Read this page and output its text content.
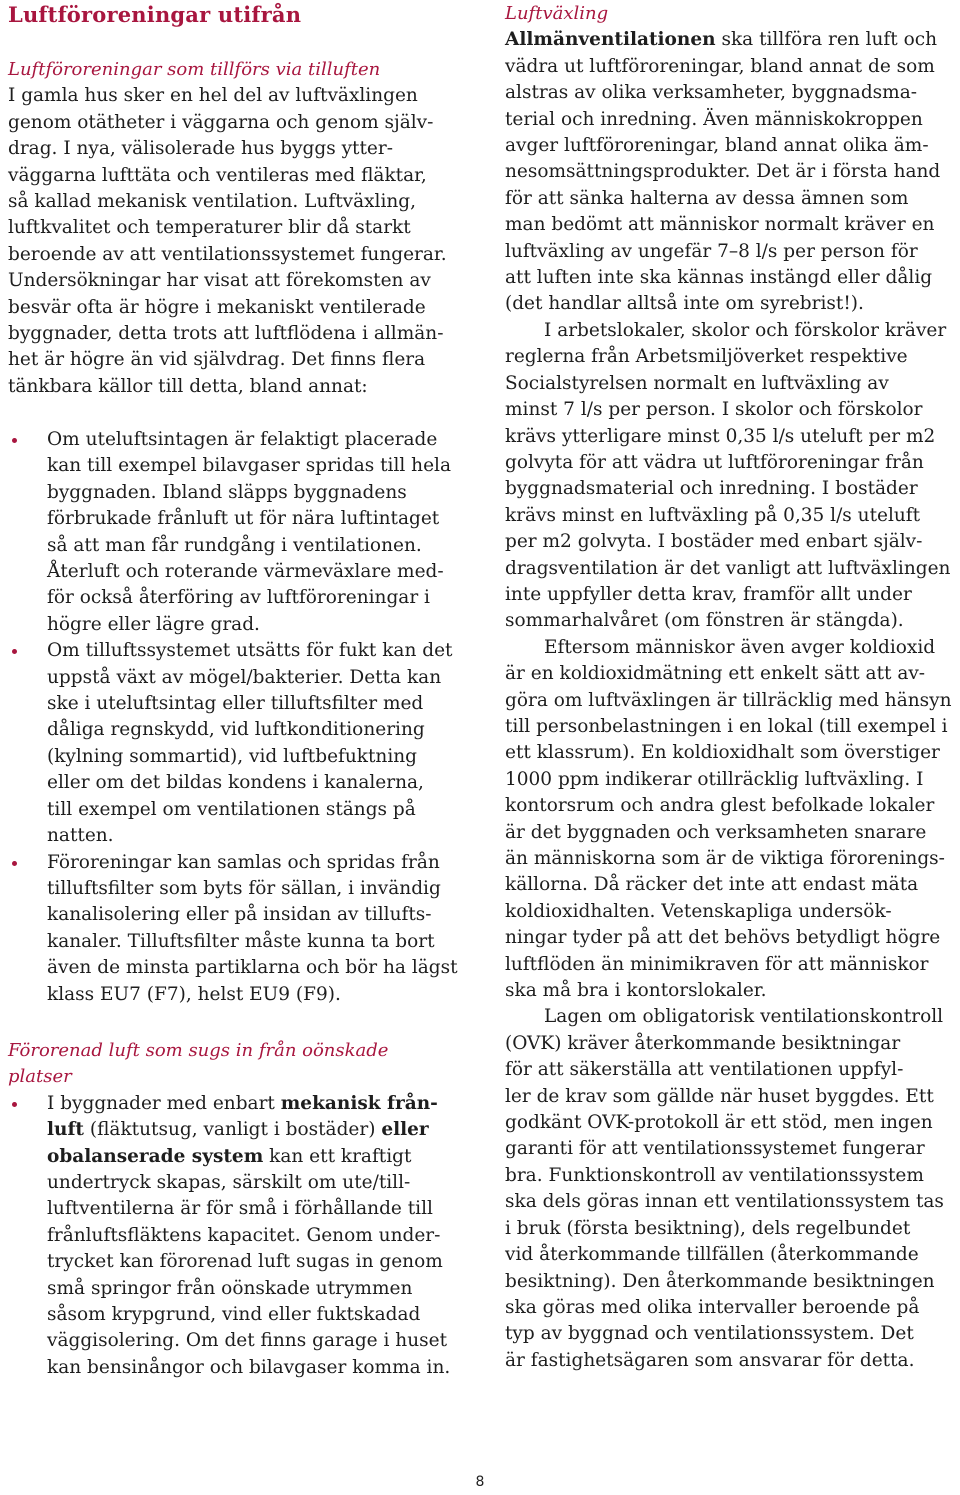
Luftföroreningar utifrån

Luftföroreningar som tillförs via tilluften

I gamla hus sker en hel del av luftväxlingen
genom otätheter i väggarna och genom själv-
drag. I nya, välisolerade hus byggs ytter-
väggarna lufttäta och ventileras med fläktar,
så kallad mekanisk ventilation. Luftväxling,
luftkvalitet och temperaturer blir då starkt
beroende av att ventilationssystemet fungerar.
Undersökningar har visat att förekomsten av
besvär ofta är högre i mekaniskt ventilerade
byggnader, detta trots att luftflödena i allmän-
het är högre än vid självdrag. Det finns flera
tänkbara källor till detta, bland annat:

Om uteluftsintagen är felaktigt placerade
kan till exempel bilavgaser spridas till hela
byggnaden. Ibland släpps byggnadens
förbrukade frånluft ut för nära luftintaget
så att man får rundgång i ventilationen.
Återluft och roterande värmeväxlare med-
för också återföring av luftföroreningar i
högre eller lägre grad.
Om tilluftssystemet utsätts för fukt kan det
uppstå växt av mögel/bakterier. Detta kan
ske i uteluftsintag eller tilluftsfilter med
dåliga regnskydd, vid luftkonditionering
(kylning sommartid), vid luftbefuktning
eller om det bildas kondens i kanalerna,
till exempel om ventilationen stängs på
natten.
Föroreningar kan samlas och spridas från
tilluftsfilter som byts för sällan, i invändig
kanalisolering eller på insidan av tillufts-
kanaler. Tilluftsfilter måste kunna ta bort
även de minsta partiklarna och bör ha lägst
klass EU7 (F7), helst EU9 (F9).

Förorenad luft som sugs in från oönskade
platser

I byggnader med enbart mekanisk från-
luft (fläktutsug, vanligt i bostäder) eller
obalanserade system kan ett kraftigt
undertryck skapas, särskilt om ute/till-
luftventilerna är för små i förhållande till
frånluftsfläktens kapacitet. Genom under-
trycket kan förorenad luft sugas in genom
små springor från oönskade utrymmen
såsom krypgrund, vind eller fuktskadad
väggisolering. Om det finns garage i huset
kan bensinångor och bilavgaser komma in.

Luftväxling

Allmänventilationen ska tillföra ren luft och
vädra ut luftföroreningar, bland annat de som
alstras av olika verksamheter, byggnadsma-
terial och inredning. Även människokroppen
avger luftföroreningar, bland annat olika äm-
nesomsättningsprodukter. Det är i första hand
för att sänka halterna av dessa ämnen som
man bedömt att människor normalt kräver en
luftväxling av ungefär 7–8 l/s per person för
att luften inte ska kännas instängd eller dålig
(det handlar alltså inte om syrebrist!).

I arbetslokaler, skolor och förskolor kräver
reglerna från Arbetsmiljöverket respektive
Socialstyrelsen normalt en luftväxling av
minst 7 l/s per person. I skolor och förskolor
krävs ytterligare minst 0,35 l/s uteluft per m2
golvyta för att vädra ut luftföroreningar från
byggnadsmaterial och inredning. I bostäder
krävs minst en luftväxling på 0,35 l/s uteluft
per m2 golvyta. I bostäder med enbart själv-
dragsventilation är det vanligt att luftväxlingen
inte uppfyller detta krav, framför allt under
sommarhalvåret (om fönstren är stängda).

Eftersom människor även avger koldioxid
är en koldioxidmätning ett enkelt sätt att av-
göra om luftväxlingen är tillräcklig med hänsyn
till personbelastningen i en lokal (till exempel i
ett klassrum). En koldioxidhalt som överstiger
1000 ppm indikerar otillräcklig luftväxling. I
kontorsrum och andra glest befolkade lokaler
är det byggnaden och verksamheten snarare
än människorna som är de viktiga förorenings-
källorna. Då räcker det inte att endast mäta
koldioxidhalten. Vetenskapliga undersök-
ningar tyder på att det behövs betydligt högre
luftflöden än minimikraven för att människor
ska må bra i kontorslokaler.

Lagen om obligatorisk ventilationskontroll
(OVK) kräver återkommande besiktningar
för att säkerställa att ventilationen uppfyl-
ler de krav som gällde när huset byggdes. Ett
godkänt OVK-protokoll är ett stöd, men ingen
garanti för att ventilationssystemet fungerar
bra. Funktionskontroll av ventilationssystem
ska dels göras innan ett ventilationssystem tas
i bruk (första besiktning), dels regelbundet
vid återkommande tillfällen (återkommande
besiktning). Den återkommande besiktningen
ska göras med olika intervaller beroende på
typ av byggnad och ventilationssystem. Det
är fastighetsägaren som ansvarar för detta.

8
